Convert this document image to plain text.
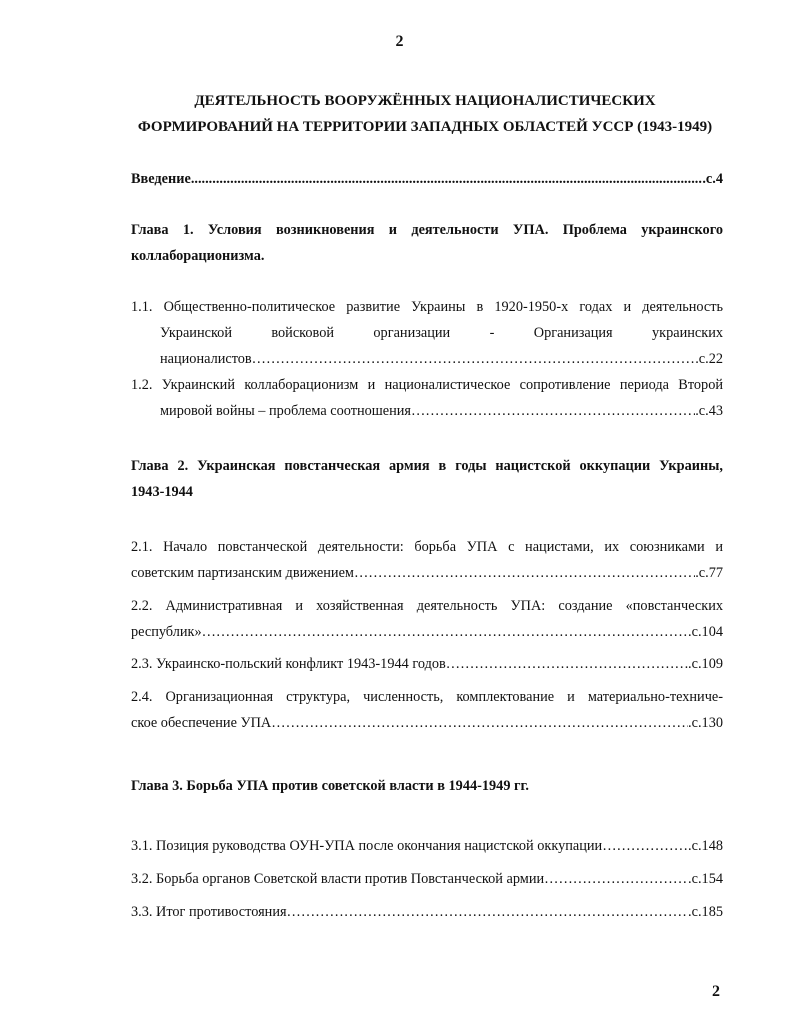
2
ДЕЯТЕЛЬНОСТЬ ВООРУЖЁННЫХ НАЦИОНАЛИСТИЧЕСКИХ
ФОРМИРОВАНИЙ НА ТЕРРИТОРИИ ЗАПАДНЫХ ОБЛАСТЕЙ УССР (1943-1949)
Введение .....	.с.4
Глава 1. Условия возникновения и деятельности УПА. Проблема украинского
коллаборационизма.
1.1. Общественно-политическое развитие Украины в 1920-1950-х годах и деятельность
Украинской войсковой организации - Организация украинских
националистов ……………………………………………………………………………………………………………………………………………………………………………………………………	.с.22
1.2. Украинский коллаборационизм и националистическое сопротивление периода Второй
мировой войны – проблема соотношения ……………………………………………………………………………………………………………………………………………………………………………………………………	.с.43
Глава 2. Украинская повстанческая армия в годы нацистской оккупации Украины,
1943-1944
2.1. Начало повстанческой деятельности: борьба УПА с нацистами, их союзниками и
советским партизанским движением ……………………………………………………………………………………………………………………………………………………………………………………………………	.с.77
2.2. Административная и хозяйственная деятельность УПА: создание «повстанческих
республик» ……………………………………………………………………………………………………………………………………………………………………………………………………	.с.104
2.3. Украинско-польский конфликт 1943-1944 годов ……………………………………………………………………………………………………………………………………………………………………………………………………	.с.109
2.4. Организационная структура, численность, комплектование и материально-техниче-
ское обеспечение УПА ……………………………………………………………………………………………………………………………………………………………………………………………………	.с.130
Глава 3. Борьба УПА против советской власти в 1944-1949 гг.
3.1. Позиция руководства ОУН-УПА после окончания нацистской оккупации ……………………………………………………………………………………………………………………………………………………………………………………………………	.с.148
3.2. Борьба органов Советской власти против Повстанческой армии ……………………………………………………………………………………………………………………………………………………………………………………………………	.с.154
3.3. Итог противостояния ……………………………………………………………………………………………………………………………………………………………………………………………………	.с.185
2
